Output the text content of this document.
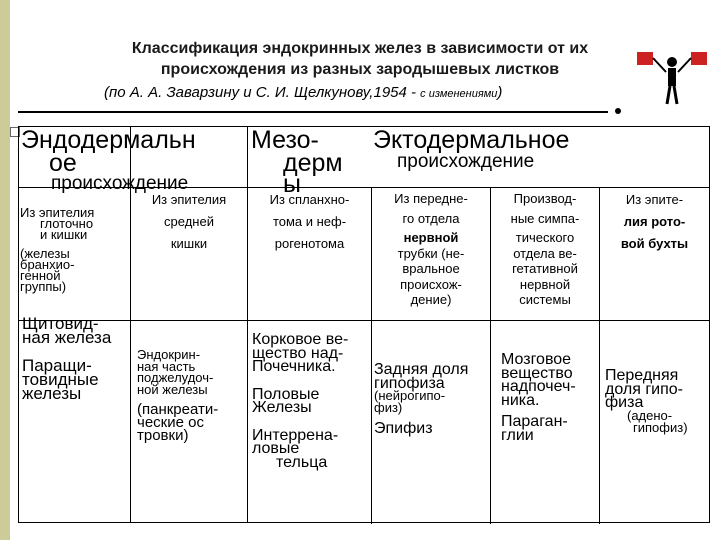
Классификация эндокринных желез в зависимости от их
происхождения из разных зародышевых листков
(по А. А. Заварзину и С. И. Щелкунову,1954 - с изменениями)
Эндодермальн
ое
происхождение
Мезо-
дерм
ы
Эктодермальное
происхождение
Из эпителия
глоточно
и кишки
(железы
бранхио-
генной
группы)
Из эпителия
средней
кишки
Из спланхно-
тома и неф-
рогенотома
Из передне-
го отдела
нервной
трубки (не-
вральное
происхож-
дение)
Производ-
ные симпа-
тического
отдела ве-
гетативной
нервной
системы
Из эпите-
лия рото-
вой бухты
Щитовид-
ная железа
Паращи-
товидные
железы
Эндокрин-
ная часть
поджелудоч-
ной железы
(панкреати-
ческие ос
тровки)
Корковое ве-
щество над-
Почечника.
Половые
Железы
Интеррена-
ловые
тельца
Задняя доля
гипофиза
(нейрогипо-
физ)
Эпифиз
Мозговое
вещество
надпочеч-
ника.
Параган-
глии
Передняя
доля гипо-
физа
(адено-
гипофиз)
